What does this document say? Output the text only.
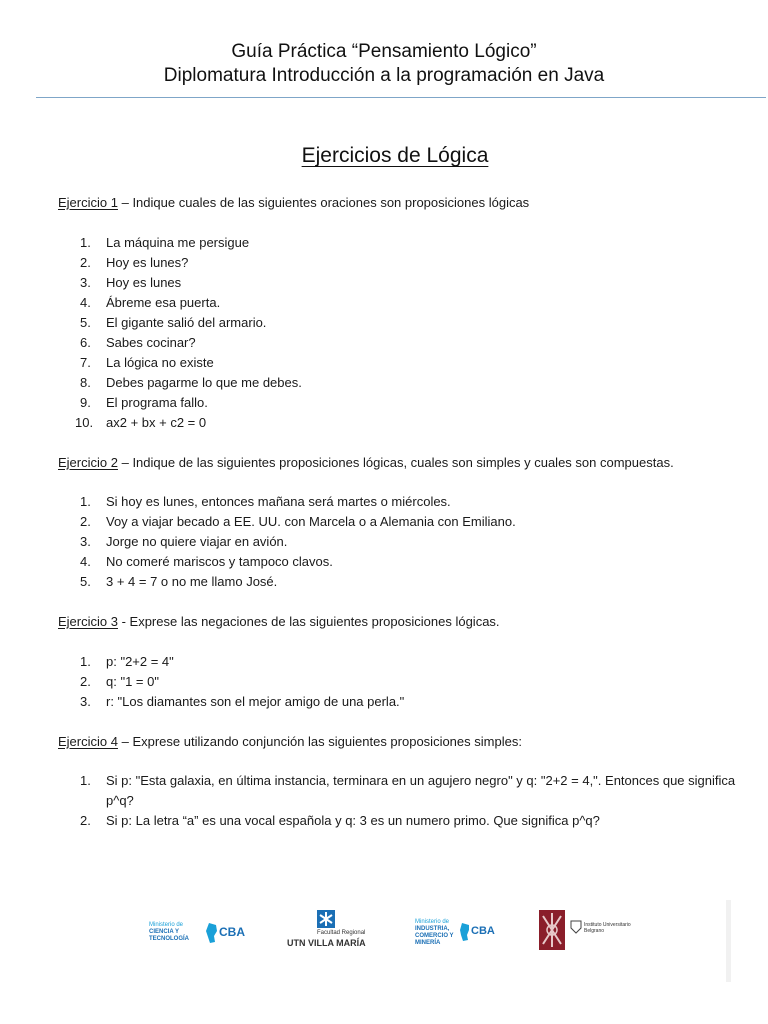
Guía Práctica “Pensamiento Lógico”
Diplomatura Introducción a la programación en Java
Ejercicios de Lógica
Ejercicio 1 – Indique cuales de las siguientes oraciones son proposiciones lógicas
1.	La máquina me persigue
2.	Hoy es lunes?
3.	Hoy es lunes
4.	Ábreme esa puerta.
5.	El gigante salió del armario.
6.	Sabes cocinar?
7.	La lógica no existe
8.	Debes pagarme lo que me debes.
9.	El programa fallo.
10. ax2 + bx + c2 = 0
Ejercicio 2 – Indique de las siguientes proposiciones lógicas, cuales son simples y cuales son compuestas.
1.	Si hoy es lunes, entonces mañana será martes o miércoles.
2.	Voy a viajar becado a EE. UU. con Marcela o a Alemania con Emiliano.
3.	Jorge no quiere viajar en avión.
4.	No comeré mariscos y tampoco clavos.
5.	3 + 4 = 7 o no me llamo José.
Ejercicio 3 - Exprese las negaciones de las siguientes proposiciones lógicas.
1.	p: "2+2 = 4"
2.	q: "1 = 0"
3.	r: "Los diamantes son el mejor amigo de una perla."
Ejercicio 4 – Exprese utilizando conjunción las siguientes proposiciones simples:
1.	Si p: "Esta galaxia, en última instancia, terminara en un agujero negro" y q: "2+2 = 4,". Entonces que significa p^q?
2.	Si p: La letra “a” es una vocal española y q: 3 es un numero primo. Que significa p^q?
Ministerio de
CIENCIA Y
TECNOLOGÍA	CBA	Facultad Regional
UTN VILLA MARÍA
Ministerio de
INDUSTRIA,
COMERCIO Y
MINERÍA
CBA	Instituto Universitario Belgrano
